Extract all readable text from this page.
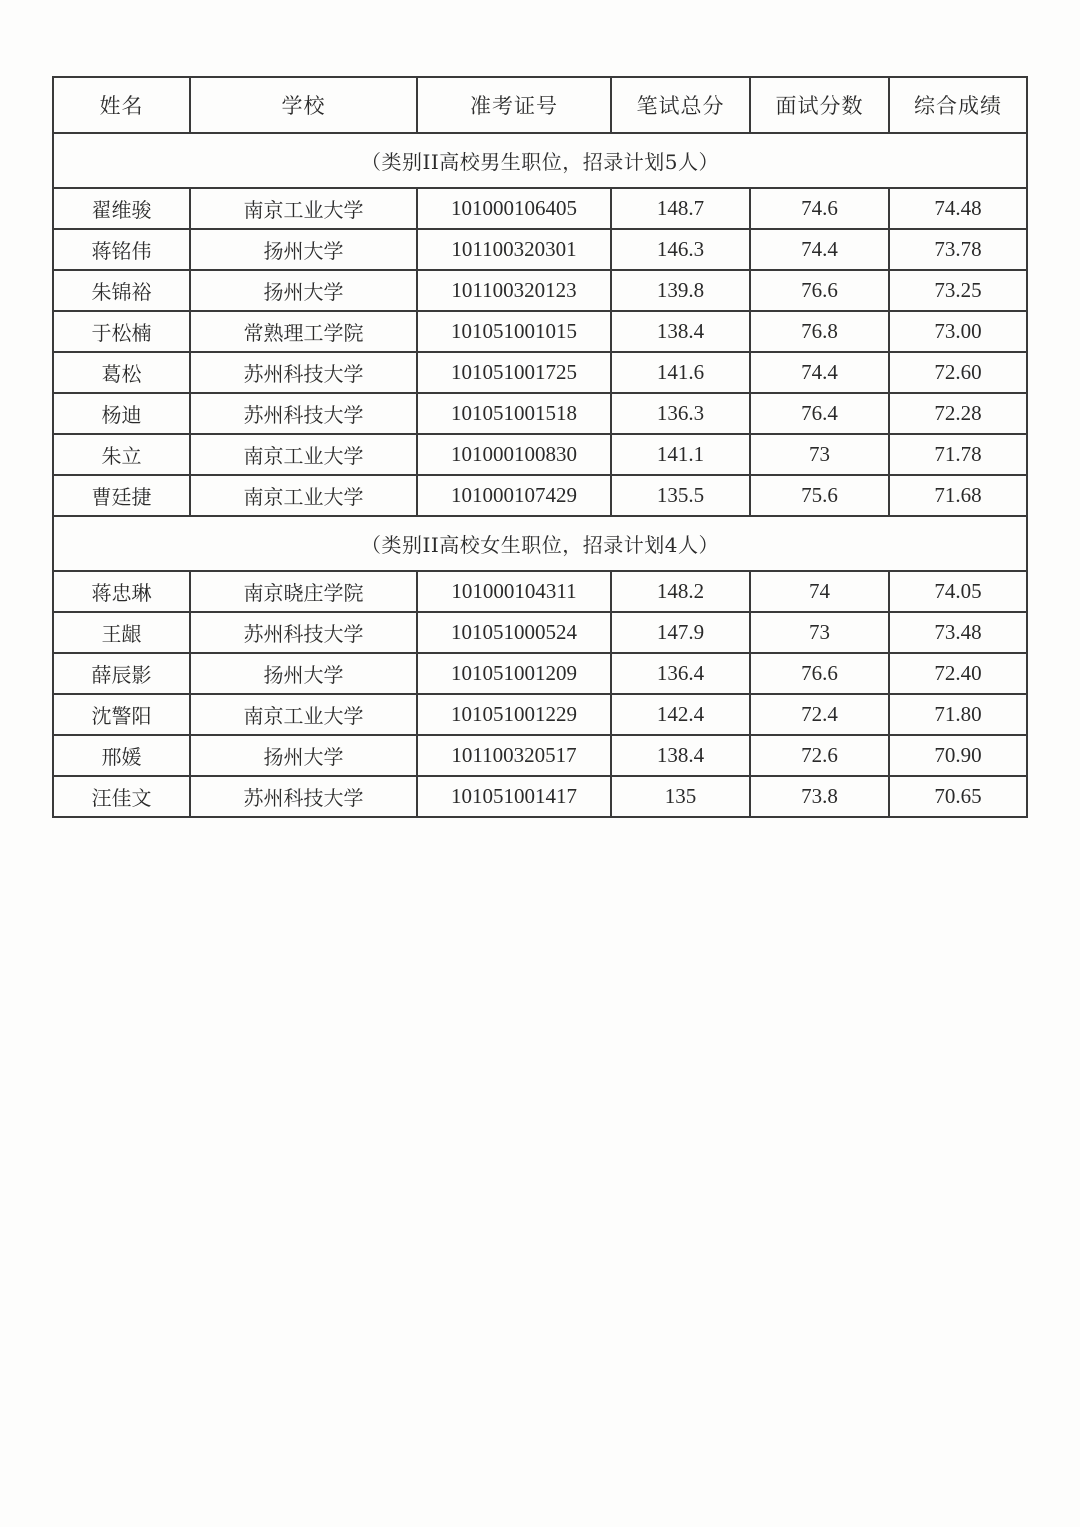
姓名	学校	准考证号	笔试总分	面试分数	综合成绩
（类别II高校男生职位，招录计划5人）					
翟维骏	南京工业大学	101000106405	148.7	74.6	74.48
蒋铭伟	扬州大学	101100320301	146.3	74.4	73.78
朱锦裕	扬州大学	101100320123	139.8	76.6	73.25
于松楠	常熟理工学院	101051001015	138.4	76.8	73.00
葛松	苏州科技大学	101051001725	141.6	74.4	72.60
杨迪	苏州科技大学	101051001518	136.3	76.4	72.28
朱立	南京工业大学	101000100830	141.1	73	71.78
曹廷捷	南京工业大学	101000107429	135.5	75.6	71.68
（类别II高校女生职位，招录计划4人）					
蒋忠琳	南京晓庄学院	101000104311	148.2	74	74.05
王龈	苏州科技大学	101051000524	147.9	73	73.48
薛辰影	扬州大学	101051001209	136.4	76.6	72.40
沈警阳	南京工业大学	101051001229	142.4	72.4	71.80
邢媛	扬州大学	101100320517	138.4	72.6	70.90
汪佳文	苏州科技大学	101051001417	135	73.8	70.65
